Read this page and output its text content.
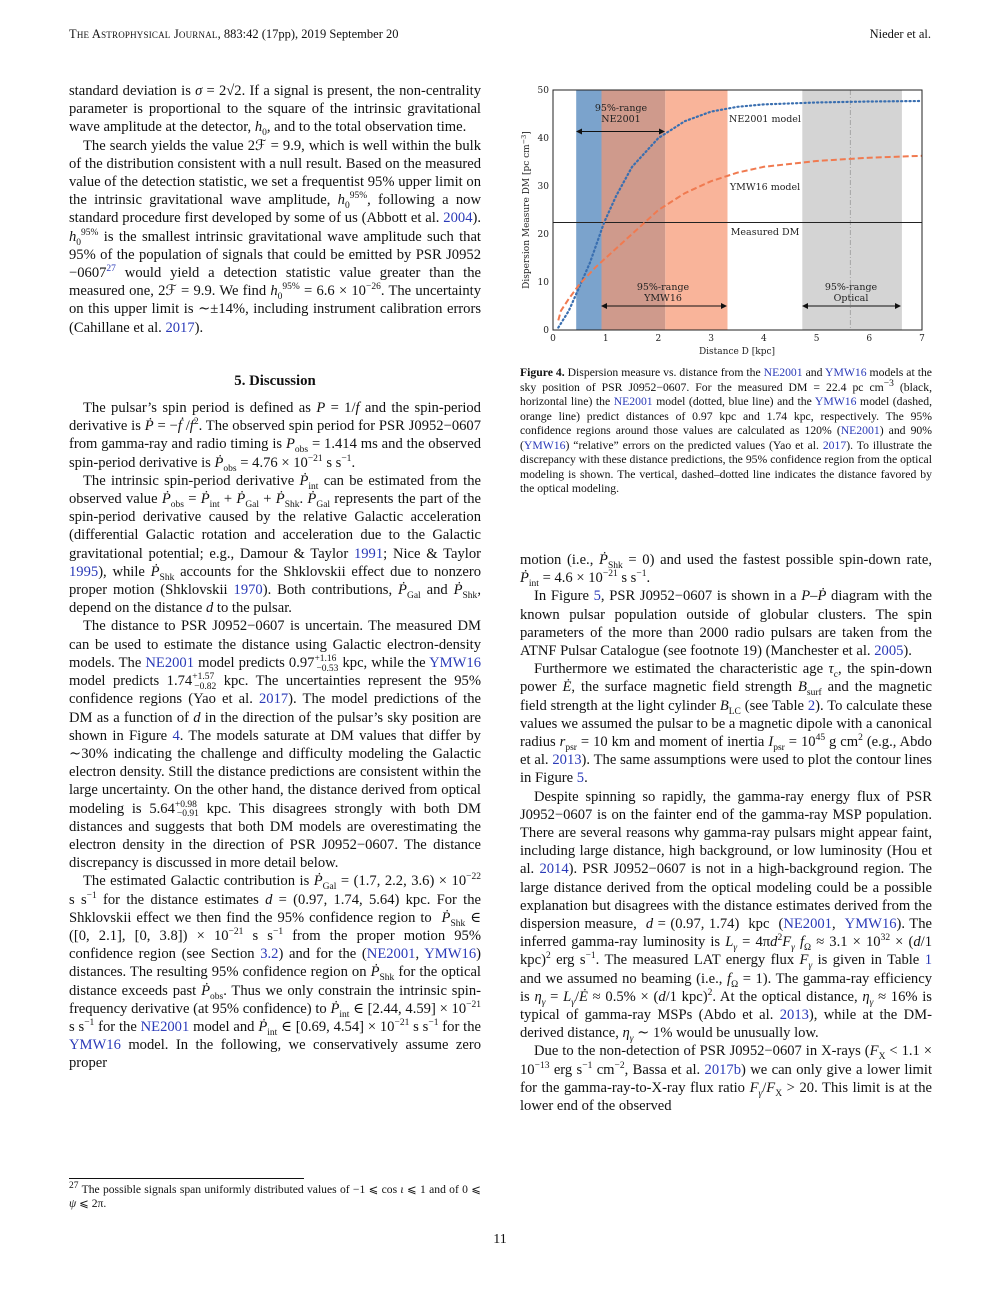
The Astrophysical Journal, 883:42 (17pp), 2019 September 20	Nieder et al.

standard deviation is σ = 2√2. If a signal is present, the non-centrality parameter is proportional to the square of the intrinsic gravitational wave amplitude at the detector, $h_0$, and to the total observation time.

The search yields the value 2ℱ = 9.9, which is well within the bulk of the distribution consistent with a null result. Based on the measured value of the detection statistic, we set a frequentist 95% upper limit on the intrinsic gravitational wave amplitude, $h_0^{95\%}$, following a now standard procedure first developed by some of us (Abbott et al. 2004). $h_0^{95\%}$ is the smallest intrinsic gravitational wave amplitude such that 95% of the population of signals that could be emitted by PSR $J0952 -0607^{27}$ would yield a detection statistic value greater than the measured one, 2ℱ = 9.9. We find $h_0^{95\%} = 6.6 \times 10^{-26}$. The uncertainty on this upper limit is ∼±14%, including instrument calibration errors (Cahillane et al. 2017).

5. Discussion

The pulsar’s spin period is defined as P = 1/f and the spin-period derivative is Ṗ = −ḟ $/f^2$. The observed spin period for PSR J0952−0607 from gamma-ray and radio timing is $P_{obs} = 1.414$ ms and the observed spin-period derivative is Ṗ$_{obs}$ = $4.76 \times 10^{-21}$ s $s^{-1}$.

The intrinsic spin-period derivative Ṗ$_{int}$ can be estimated from the observed value Ṗ$_{obs}$ = Ṗ$_{int}$ + Ṗ$_{Gal}$ + Ṗ$_{Shk}$. Ṗ$_{Gal}$ represents the part of the spin-period derivative caused by the relative Galactic acceleration (differential Galactic rotation and acceleration due to the Galactic gravitational potential; e.g., Damour & Taylor 1991; Nice & Taylor 1995), while Ṗ$_{Shk}$ accounts for the Shklovskii effect due to nonzero proper motion (Shklovskii 1970). Both contributions, Ṗ$_{Gal}$ and Ṗ$_{Shk}$, depend on the distance d to the pulsar.

The distance to PSR J0952−0607 is uncertain. The measured DM can be used to estimate the distance using Galactic electron-density models. The NE2001 model predicts $0.97^{+1.16}_{-0.53}$ kpc, while the YMW16 model predicts $1.74^{+1.57}_{-0.82}$ kpc. The uncertainties represent the 95% confidence regions (Yao et al. 2017). The model predictions of the DM as a function of d in the direction of the pulsar’s sky position are shown in Figure 4. The models saturate at DM values that differ by ∼30% indicating the challenge and difficulty modeling the Galactic electron density. Still the distance predictions are consistent within the large uncertainty. On the other hand, the distance derived from optical modeling is $5.64^{+0.98}_{-0.91}$ kpc. This disagrees strongly with both DM distances and suggests that both DM models are overestimating the electron density in the direction of PSR J0952−0607. The distance discrepancy is discussed in more detail below.

The estimated Galactic contribution is Ṗ$_{Gal}$ = (1.7, 2.2, $3.6) \times 10^{-22}$ s $s^{-1}$ for the distance estimates d = (0.97, 1.74, 5.64) kpc. For the Shklovskii effect we then find the 95% confidence region to  Ṗ$_{Shk}$ ∈ ([0, 2.1], [0, $3.8]) \times 10^{-21}$ s $s^{-1}$ from the proper motion 95% confidence region (see Section 3.2) and for the (NE2001, YMW16) distances. The resulting 95% confidence region on Ṗ$_{Shk}$ for the optical distance exceeds past Ṗ$_{obs}$. Thus we only constrain the intrinsic spin-frequency derivative (at 95% confidence) to Ṗ$_{int}$ ∈ [2.44, $4.59] \times 10^{-21}$ s $s^{-1}$ for the NE2001 model and Ṗ$_{int}$ ∈ [0.69, $4.54] \times 10^{-21}$ s $s^{-1}$ for the YMW16 model. In the following, we conservatively assume zero proper

$^{27}$ The possible signals span uniformly distributed values of −1 ⩽ cos ι ⩽ 1 and of 0 ⩽ ψ ⩽ 2π.
95%-range
NE2001
95%-range
YMW16
95%-range
Optical
NE2001 model
YMW16 model
Measured DM
0	1	2	3	4	5	6	7
0
10
20
30
40
50
Distance D [kpc]
Dispersion Measure DM [pc $cm^{-3}$]
Figure 4. Dispersion measure vs. distance from the NE2001 and YMW16 models at the sky position of PSR J0952−0607. For the measured DM = 22.4 pc $cm^{-3}$ (black, horizontal line) the NE2001 model (dotted, blue line) and the YMW16 model (dashed, orange line) predict distances of 0.97 kpc and 1.74 kpc, respectively. The 95% confidence regions around those values are calculated as 120% (NE2001) and 90% (YMW16) “relative” errors on the predicted values (Yao et al. 2017). To illustrate the discrepancy with these distance predictions, the 95% confidence region from the optical modeling is shown. The vertical, dashed–dotted line indicates the distance favored by the optical modeling.

motion (i.e., Ṗ$_{Shk}$ = 0) and used the fastest possible spin-down rate, Ṗ$_{int}$ = $4.6 \times 10^{-21}$ s $s^{-1}$.

In Figure 5, PSR J0952−0607 is shown in a P–Ṗ diagram with the known pulsar population outside of globular clusters. The spin parameters of the more than 2000 radio pulsars are taken from the ATNF Pulsar Catalogue (see footnote 19) (Manchester et al. 2005).

Furthermore we estimated the characteristic age $\tau_c$, the spin-down power Ė, the surface magnetic field strength $B_{surf}$ and the magnetic field strength at the light cylinder $B_{LC}$ (see Table 2). To calculate these values we assumed the pulsar to be a magnetic dipole with a canonical radius $r_{psr} = 10$ km and moment of inertia $I_{psr} = 10^{45}$ g $cm^2$ (e.g., Abdo et al. 2013). The same assumptions were used to plot the contour lines in Figure 5.

Despite spinning so rapidly, the gamma-ray energy flux of PSR J0952−0607 is on the fainter end of the gamma-ray MSP population. There are several reasons why gamma-ray pulsars might appear faint, including large distance, high background, or low luminosity (Hou et al. 2014). PSR J0952−0607 is not in a high-background region. The large distance derived from the optical modeling could be a possible explanation but disagrees with the distance estimates derived from the dispersion measure,  d = (0.97, 1.74)  kpc  (NE2001,  YMW16). The inferred gamma-ray luminosity is $L_\gamma = 4\pi d^2F_\gamma$ $f_\Omega \approx 3.1 \times 10^{32} \times (d/1$ kpc)$^2$ erg $s^{-1}$. The measured LAT energy flux $F_\gamma$ is given in Table 1 and we assumed no beaming (i.e., $f_\Omega = 1$). The gamma-ray efficiency is $\eta_\gamma$ = $L_\gamma/Ė \approx 0.5\% \times (d/1$ kpc)$^2$. At the optical distance, $\eta_\gamma \approx 16\%$ is typical of gamma-ray MSPs (Abdo et al. 2013), while at the DM-derived distance, $\eta_\gamma$ ∼ 1% would be unusually low.

Due to the non-detection of PSR J0952−0607 in X-rays ($F_X < 1.1 \times 10^{-13}$ erg $s^{-1}$ $cm^{-2}$, Bassa et al. 2017b) we can only give a lower limit for the gamma-ray-to-X-ray flux ratio $F_\gamma/F_X > 20$. This limit is at the lower end of the observed

11
